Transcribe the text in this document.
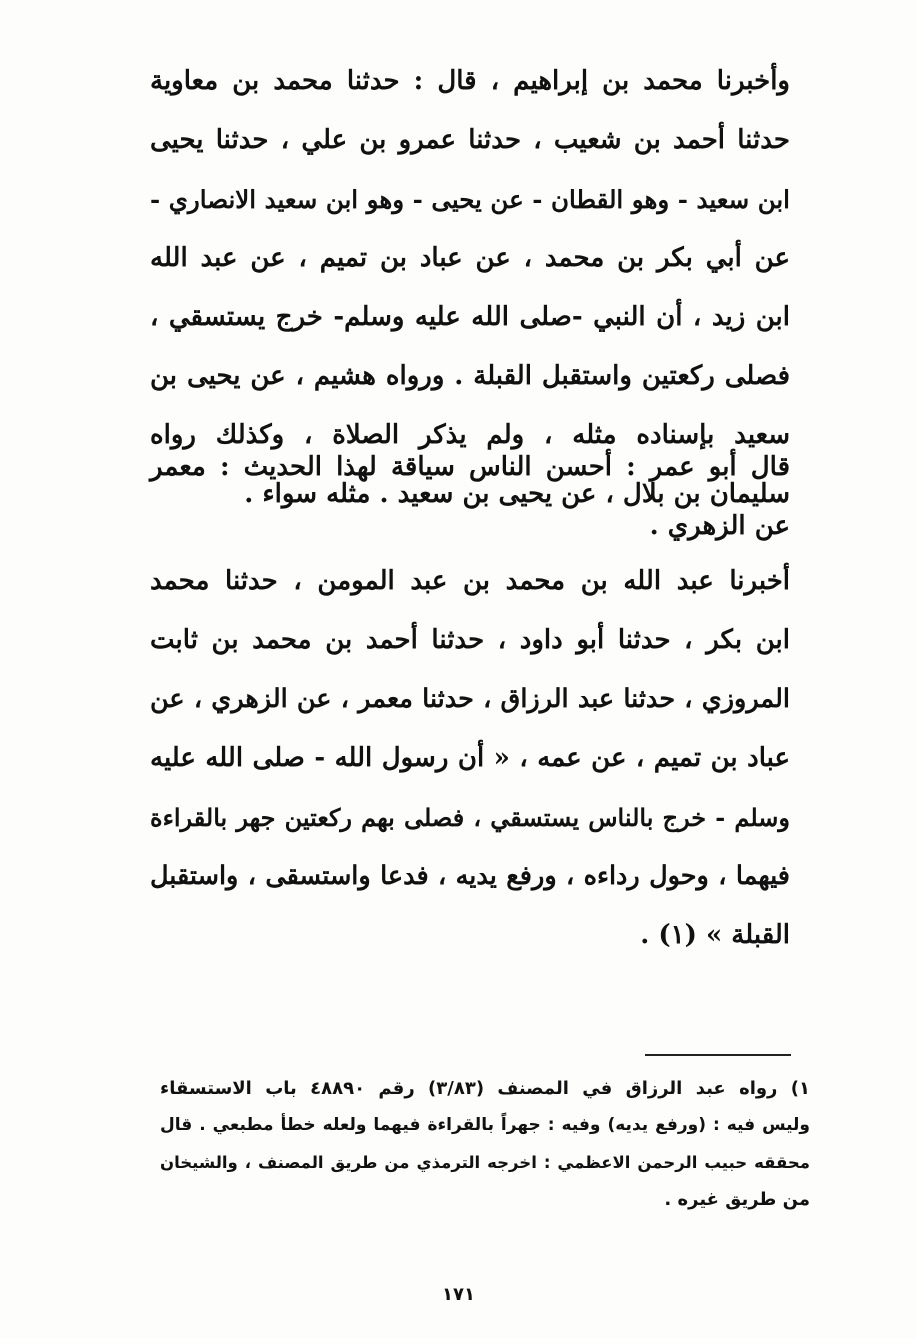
وأخبرنا محمد بن إبراهيم ، قال : حدثنا محمد بن معاوية
حدثنا أحمد بن شعيب ، حدثنا عمرو بن علي ، حدثنا يحيى
ابن سعيد - وهو القطان - عن يحيى - وهو ابن سعيد الانصاري -
عن أبي بكر بن محمد ، عن عباد بن تميم ، عن عبد الله
ابن زيد ، أن النبي -صلى الله عليه وسلم- خرج يستسقي ،
فصلى ركعتين واستقبل القبلة . ورواه هشيم ، عن يحيى بن
سعيد بإسناده مثله ، ولم يذكر الصلاة ، وكذلك رواه
سليمان بن بلال ، عن يحيى بن سعيد . مثله سواء .

قال أبو عمر : أحسن الناس سياقة لهذا الحديث : معمر
عن الزهري .

أخبرنا عبد الله بن محمد بن عبد المومن ، حدثنا محمد
ابن بكر ، حدثنا أبو داود ، حدثنا أحمد بن محمد بن ثابت
المروزي ، حدثنا عبد الرزاق ، حدثنا معمر ، عن الزهري ، عن
عباد بن تميم ، عن عمه ، « أن رسول الله - صلى الله عليه
وسلم - خرج بالناس يستسقي ، فصلى بهم ركعتين جهر بالقراءة
فيهما ، وحول رداءه ، ورفع يديه ، فدعا واستسقى ، واستقبل
القبلة » (١) .

١) رواه عبد الرزاق في المصنف (٣/٨٣) رقم ٤٨٨٩٠ باب الاستسقاء
وليس فيه : (ورفع يديه) وفيه : جهراً بالقراءة فيهما ولعله خطأ مطبعي . قال
محققه حبيب الرحمن الاعظمي : اخرجه الترمذي من طريق المصنف ، والشيخان
من طريق غيره .
١٧١
